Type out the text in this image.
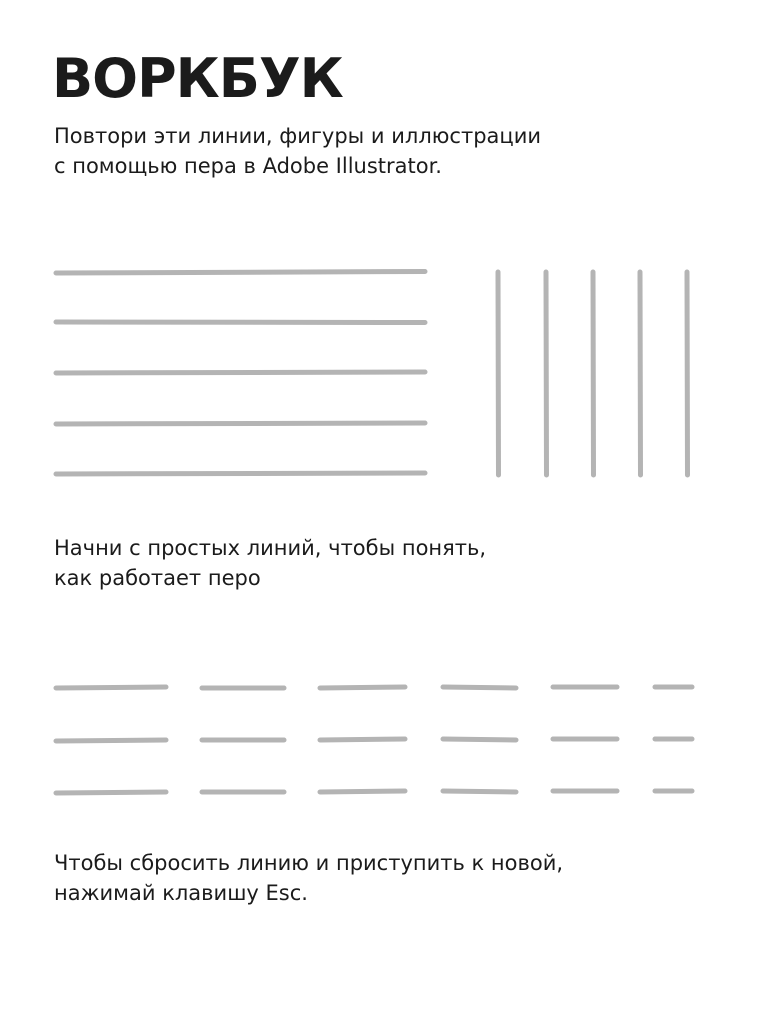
ВОРКБУК

Повтори эти линии, фигуры и иллюстрации
с помощью пера в Adobe Illustrator.

Начни с простых линий, чтобы понять,
как работает перо

Чтобы сбросить линию и приступить к новой,
нажимай клавишу Esc.
